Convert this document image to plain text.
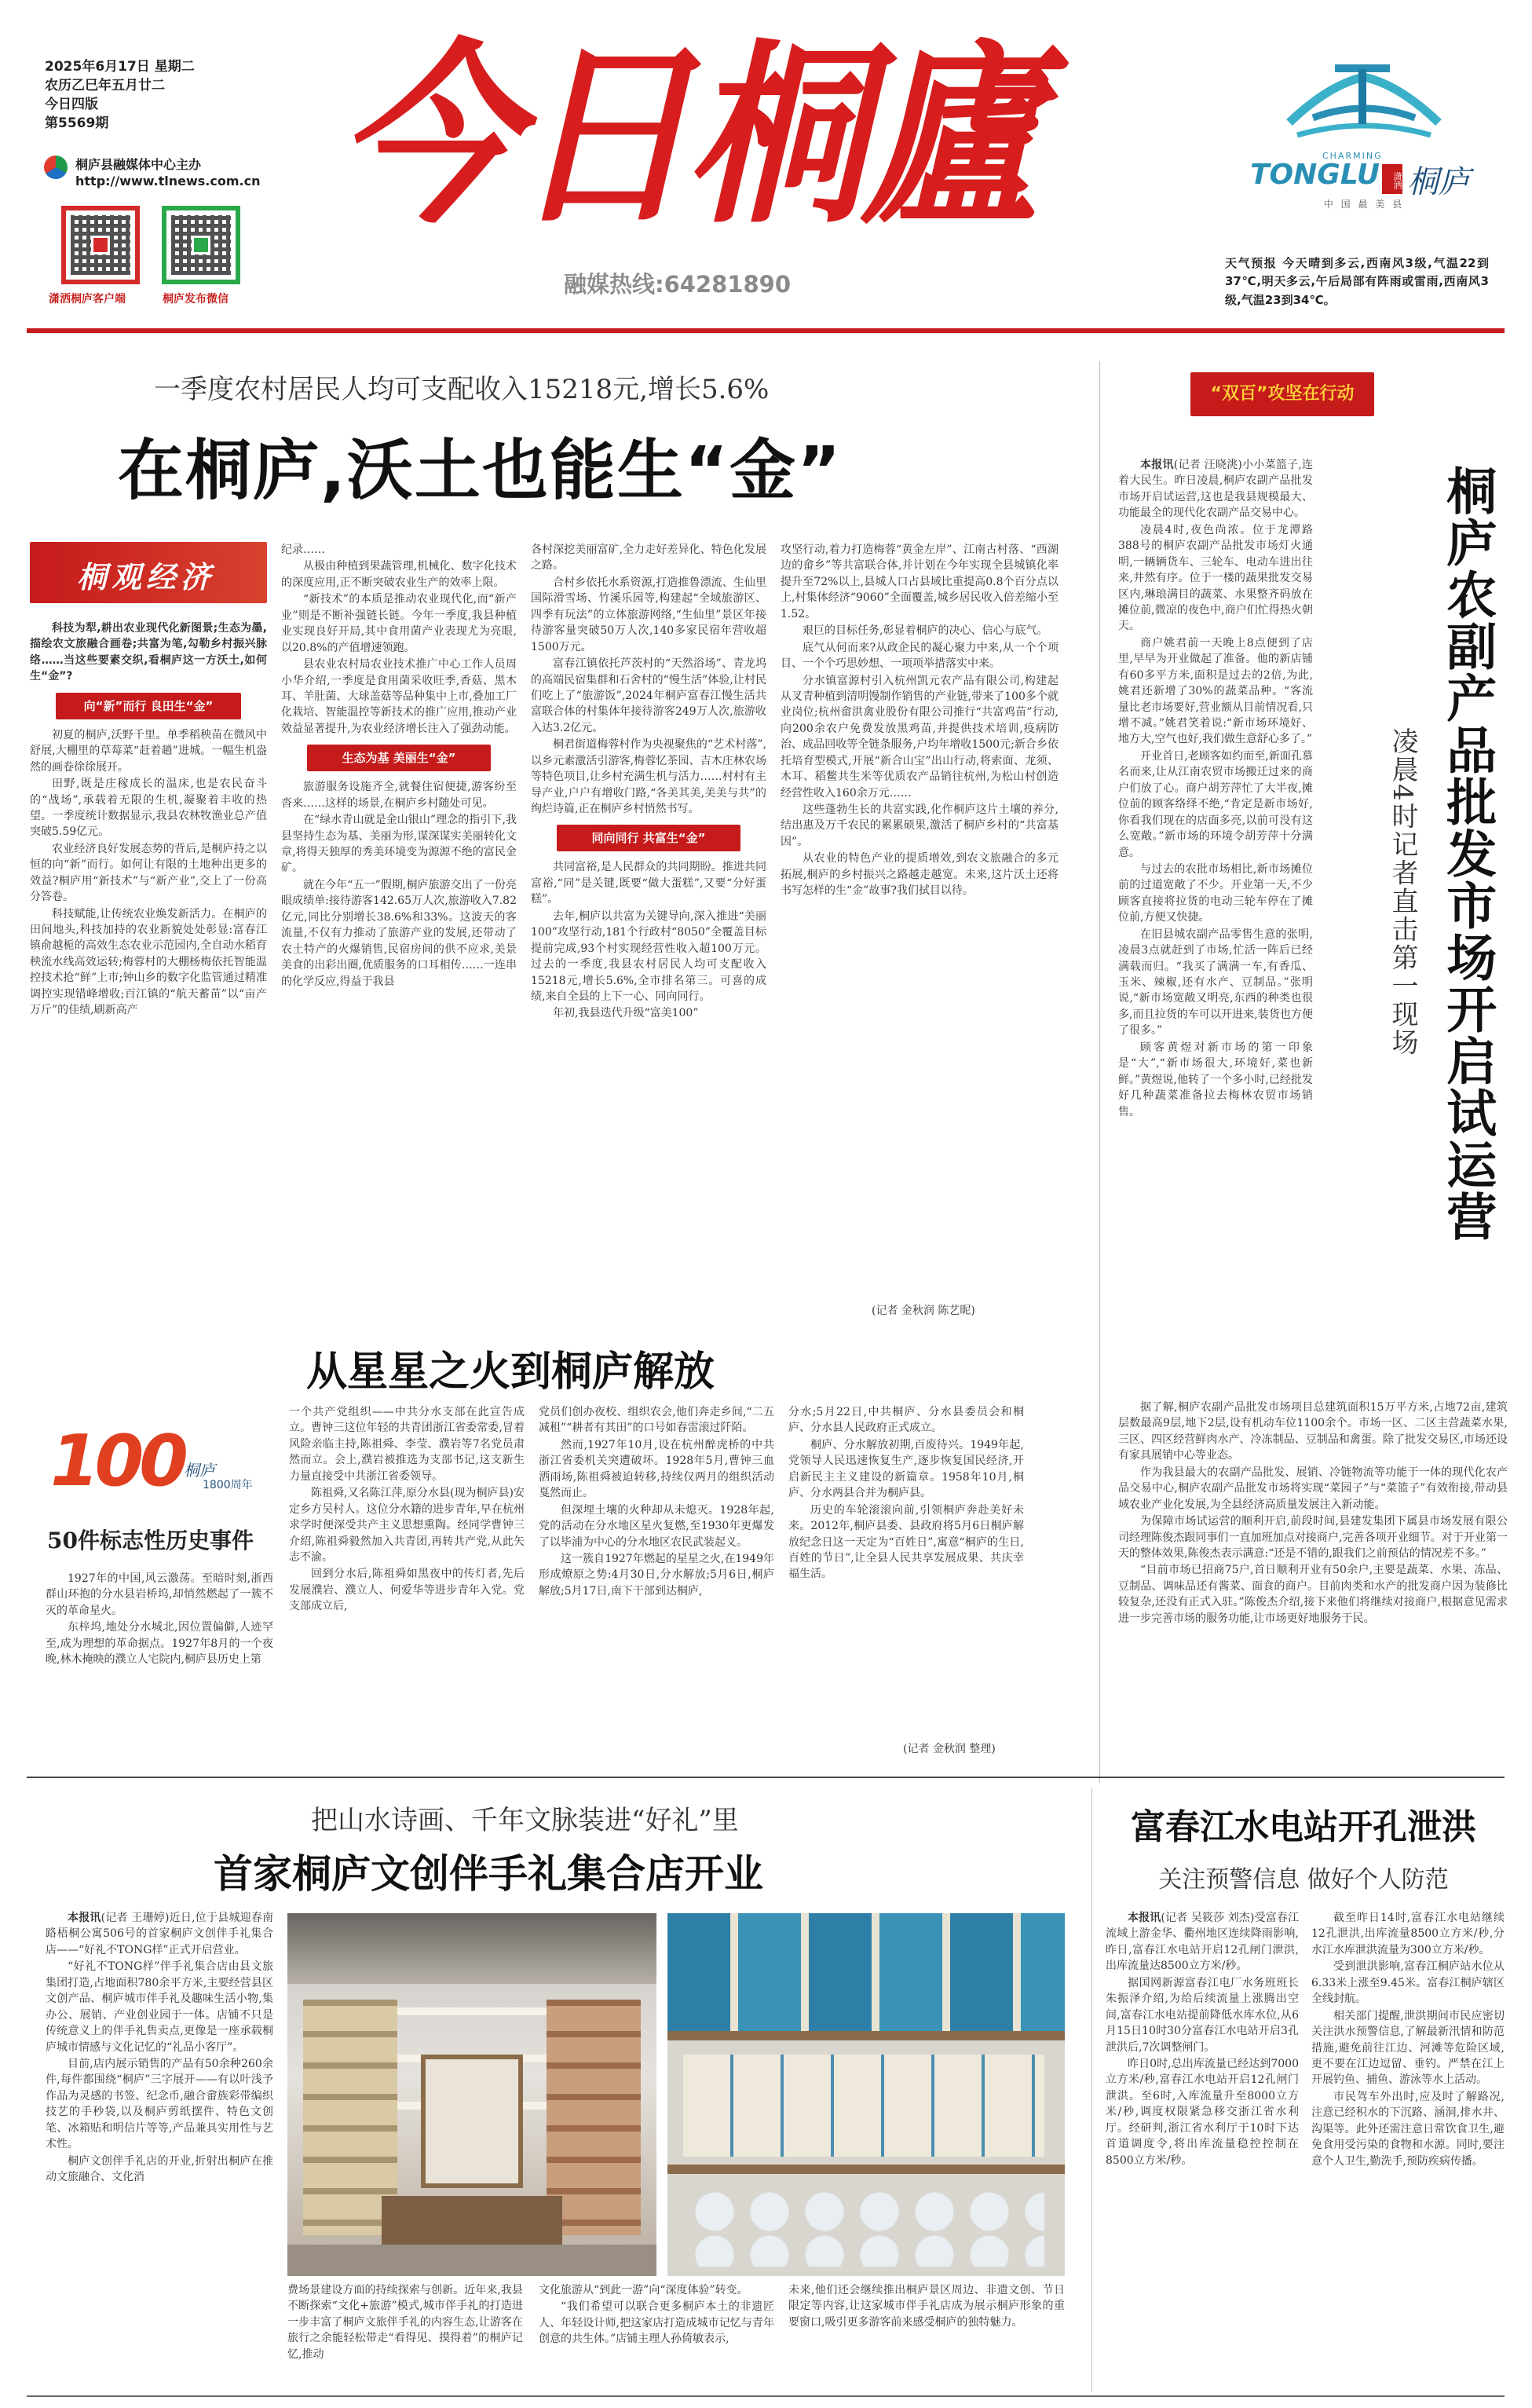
2025年6月17日 星期二
农历乙巳年五月廿二
今日四版
第5569期
桐庐县融媒体中心主办
http://www.tlnews.com.cn
潇洒桐庐客户端	桐庐发布微信
今日桐廬
融媒热线:64281890
CHARMING
TONGLU	潇洒 桐庐
中 国 最 美 县
天气预报 今天晴到多云,西南风3级,气温22到37℃,明天多云,午后局部有阵雨或雷雨,西南风3级,气温23到34℃。
一季度农村居民人均可支配收入15218元,增长5.6%
在桐庐,沃土也能生“金”
桐观经济

科技为犁,耕出农业现代化新图景;生态为墨,描绘农文旅融合画卷;共富为笔,勾勒乡村振兴脉络……当这些要素交织,看桐庐这一方沃土,如何生“金”?

向“新”而行 良田生“金”

初夏的桐庐,沃野千里。单季稻秧苗在微风中舒展,大棚里的草莓菜“赶着趟”进城。一幅生机盎然的画卷徐徐展开。

田野,既是庄稼成长的温床,也是农民奋斗的“战场”,承载着无限的生机,凝聚着丰收的热望。一季度统计数据显示,我县农林牧渔业总产值突破5.59亿元。

农业经济良好发展态势的背后,是桐庐持之以恒的向“新”而行。如何让有限的土地种出更多的效益?桐庐用“新技术”与“新产业”,交上了一份高分答卷。

科技赋能,让传统农业焕发新活力。在桐庐的田间地头,科技加持的农业新貌处处彰显:富春江镇俞越栀的高效生态农业示范园内,全自动水稻育秧流水线高效运转;梅蓉村的大棚杨梅依托智能温控技术抢“鲜”上市;钟山乡的数字化监管通过精准调控实现错峰增收;百江镇的“航天蓄苗”以“亩产万斤”的佳绩,刷新高产

纪录……

从极由种植到果蔬管理,机械化、数字化技术的深度应用,正不断突破农业生产的效率上限。

“新技术”的本质是推动农业现代化,而“新产业”则是不断补强链长链。今年一季度,我县种植业实现良好开局,其中食用菌产业表现尤为亮眼,以20.8%的产值增速领跑。

县农业农村局农业技术推广中心工作人员周小华介绍,一季度是食用菌采收旺季,香菇、黑木耳、羊肚菌、大球盖菇等品种集中上市,叠加工厂化栽培、智能温控等新技术的推广应用,推动产业效益显著提升,为农业经济增长注入了强劲动能。

生态为基 美丽生“金”

旅游服务设施齐全,就餐住宿便捷,游客纷至沓来……这样的场景,在桐庐乡村随处可见。

在“绿水青山就是金山银山”理念的指引下,我县坚持生态为基、美丽为形,谋深谋实美丽转化文章,将得天独厚的秀美环境变为源源不绝的富民金矿。

就在今年“五一”假期,桐庐旅游交出了一份亮眼成绩单:接待游客142.65万人次,旅游收入7.82亿元,同比分别增长38.6%和33%。这波天的客流量,不仅有力推动了旅游产业的发展,还带动了农土特产的火爆销售,民宿房间的供不应求,美景美食的出彩出圈,优质服务的口耳相传……一连串的化学反应,得益于我县

各村深挖美丽富矿,全力走好差异化、特色化发展之路。

合村乡依托水系资源,打造推鲁漂流、生仙里国际滑雪场、竹溪乐园等,构建起“全域旅游区、四季有玩法”的立体旅游网络,“生仙里”景区年接待游客量突破50万人次,140多家民宿年营收超1500万元。

富春江镇依托芦茨村的“天然浴场”、青龙坞的高端民宿集群和石舍村的“慢生活”体验,让村民们吃上了“旅游饭”,2024年桐庐富春江慢生活共富联合体的村集体年接待游客249万人次,旅游收入达3.2亿元。

桐君街道梅蓉村作为央视聚焦的“艺术村落”,以乡元素激活引游客,梅蓉忆茶园、吉木庄林农场等特色项目,让乡村充满生机与活力……村村有主导产业,户户有增收门路,“各美其美,美美与共”的绚烂诗篇,正在桐庐乡村悄然书写。

同向同行 共富生“金”

共同富裕,是人民群众的共同期盼。推进共同富裕,“同”是关键,既要“做大蛋糕”,又要“分好蛋糕”。

去年,桐庐以共富为关键导向,深入推进“美丽100”攻坚行动,181个行政村“8050”全覆盖目标提前完成,93个村实现经营性收入超100万元。过去的一季度,我县农村居民人均可支配收入15218元,增长5.6%,全市排名第三。可喜的成绩,来自全县的上下一心、同向同行。

年初,我县迭代升级“富美100”

攻坚行动,着力打造梅蓉“黄金左岸”、江南古村落、“西湖边的畲乡”等共富联合体,并计划在今年实现全县城镇化率提升至72%以上,县城人口占县域比重提高0.8个百分点以上,村集体经济“9060”全面覆盖,城乡居民收入倍差缩小至1.52。

艰巨的目标任务,彰显着桐庐的决心、信心与底气。

底气从何而来?从政企民的凝心聚力中来,从一个个项目、一个个巧思妙想、一项项举措落实中来。

分水镇富源村引入杭州凯元农产品有限公司,构建起从叉青种植到清明馒制作销售的产业链,带来了100多个就业岗位;杭州畲洪禽业股份有限公司推行“共富鸡苗”行动,向200余农户免费发放黑鸡苗,并提供技术培训,疫病防治、成品回收等全链条服务,户均年增收1500元;新合乡依托培育型模式,开展“新合山宝”出山行动,将索面、龙须、木耳、稻鳖共生米等优质农产品销往杭州,为松山村创造经营性收入160余万元……

这些蓬勃生长的共富实践,化作桐庐这片土壤的养分,结出惠及万千农民的累累硕果,激活了桐庐乡村的“共富基因”。

从农业的特色产业的提质增效,到农文旅融合的多元拓展,桐庐的乡村振兴之路越走越宽。未来,这片沃土还将书写怎样的生“金”故事?我们拭目以待。

(记者 金秋润 陈艺昵)
“双百”攻坚在行动
桐庐农副产品批发市场开启试运营
凌晨4时记者直击第一现场

本报讯(记者 汪晓洮)小小菜篮子,连着大民生。昨日凌晨,桐庐农副产品批发市场开启试运营,这也是我县规模最大、功能最全的现代化农副产品交易中心。

凌晨4时,夜色尚浓。位于龙潭路388号的桐庐农副产品批发市场灯火通明,一辆辆货车、三轮车、电动车进出往来,井然有序。位于一楼的蔬果批发交易区内,琳琅满目的蔬菜、水果整齐码放在摊位前,微凉的夜色中,商户们忙得热火朝天。

商户姚君前一天晚上8点便到了店里,早早为开业做起了准备。他的新店铺有60多平方米,面积是过去的2倍,为此,姚君还新增了30%的蔬菜品种。“客流量比老市场要好,营业额从目前情况看,只增不减。”姚君笑着说:“新市场环境好、地方大,空气也好,我们做生意舒心多了。”

开业首日,老顾客如约而至,新面孔慕名而来,让从江南农贸市场搬迁过来的商户们放了心。商户胡芳萍忙了大半夜,摊位前的顾客络绎不绝,“肯定是新市场好,你看我们现在的店面多亮,以前可没有这么宽敞。”新市场的环境令胡芳萍十分满意。

与过去的农批市场相比,新市场摊位前的过道宽敞了不少。开业第一天,不少顾客直接将拉货的电动三轮车停在了摊位前,方便又快捷。

在旧县城农副产品零售生意的张明,凌晨3点就赶到了市场,忙活一阵后已经满载而归。“我买了满满一车,有香瓜、玉米、辣椒,还有水产、豆制品。”张明说,“新市场宽敞又明亮,东西的种类也很多,而且拉货的车可以开进来,装货也方便了很多。”

顾客黄煜对新市场的第一印象是“大”,“新市场很大,环境好,菜也新鲜。”黄煜说,他转了一个多小时,已经批发好几种蔬菜准备拉去梅林农贸市场销售。

据了解,桐庐农副产品批发市场项目总建筑面积15万平方米,占地72亩,建筑层数最高9层,地下2层,设有机动车位1100余个。市场一区、二区主营蔬菜水果,三区、四区经营鲜肉水产、冷冻制品、豆制品和禽蛋。除了批发交易区,市场还设有家具展销中心等业态。

作为我县最大的农副产品批发、展销、冷链物流等功能于一体的现代化农产品交易中心,桐庐农副产品批发市场将实现“菜园子”与“菜篮子”有效衔接,带动县域农业产业化发展,为全县经济高质量发展注入新动能。

为保障市场试运营的顺利开启,前段时间,县建发集团下属县市场发展有限公司经理陈俊杰跟同事们一直加班加点对接商户,完善各项开业细节。对于开业第一天的整体效果,陈俊杰表示满意:“还是不错的,跟我们之前预估的情况差不多。”

“目前市场已招商75户,首日顺利开业有50余户,主要是蔬菜、水果、冻品、豆制品、调味品还有酱菜、面食的商户。目前肉类和水产的批发商户因为装修比较复杂,还没有正式入驻。”陈俊杰介绍,接下来他们将继续对接商户,根据意见需求进一步完善市场的服务功能,让市场更好地服务于民。

从星星之火到桐庐解放
100 桐庐
1800周年
50件标志性历史事件

1927年的中国,风云激荡。至暗时刻,浙西群山环抱的分水县岩桥坞,却悄然燃起了一簇不灭的革命星火。

东梓坞,地处分水城北,因位置偏僻,人迹罕至,成为理想的革命据点。1927年8月的一个夜晚,林木掩映的濮立人宅院内,桐庐县历史上第

一个共产党组织——中共分水支部在此宣告成立。曹钟三这位年轻的共青团浙江省委常委,冒着风险亲临主持,陈祖舜、李莹、濮岩等7名党员肃然而立。会上,濮岩被推选为支部书记,这支新生力量直接受中共浙江省委领导。

陈祖舜,又名陈江萍,原分水县(现为桐庐县)安定乡方吴村人。这位分水籍的进步青年,早在杭州求学时便深受共产主义思想熏陶。经同学曹钟三介绍,陈祖舜毅然加入共青团,再转共产党,从此矢志不渝。

回到分水后,陈祖舜如黑夜中的传灯者,先后发展濮岩、濮立人、何爱华等进步青年入党。党支部成立后,

党员们创办夜校、组织农会,他们奔走乡间,“二五减租”“耕者有其田”的口号如春雷滚过阡陌。

然而,1927年10月,设在杭州醉虎桥的中共浙江省委机关突遭破坏。1928年5月,曹钟三血洒雨场,陈祖舜被迫转移,持续仅两月的组织活动戛然而止。

但深埋土壤的火种却从未熄灭。1928年起,党的活动在分水地区星火复燃,至1930年更爆发了以毕浦为中心的分水地区农民武装起义。

这一簇自1927年燃起的星星之火,在1949年形成燎原之势:4月30日,分水解放;5月6日,桐庐解放;5月17日,南下干部到达桐庐,

分水;5月22日,中共桐庐、分水县委员会和桐庐、分水县人民政府正式成立。

桐庐、分水解放初期,百废待兴。1949年起,党领导人民迅速恢复生产,逐步恢复国民经济,开启新民主主义建设的新篇章。1958年10月,桐庐、分水两县合并为桐庐县。

历史的车轮滚滚向前,引领桐庐奔赴美好未来。2012年,桐庐县委、县政府将5月6日桐庐解放纪念日这一天定为“百姓日”,寓意“桐庐的生日,百姓的节日”,让全县人民共享发展成果、共庆幸福生活。

(记者 金秋润 整理)
把山水诗画、千年文脉装进“好礼”里
首家桐庐文创伴手礼集合店开业

本报讯(记者 王珊婷)近日,位于县城迎春南路梧桐公寓506号的首家桐庐文创伴手礼集合店——“好礼不TONG样”正式开启营业。

“好礼不TONG样”伴手礼集合店由县文旅集团打造,占地面积780余平方米,主要经营县区文创产品、桐庐城市伴手礼及趣味生活小物,集办公、展销、产业创业园于一体。店铺不只是传统意义上的伴手礼售卖点,更像是一座承载桐庐城市情感与文化记忆的“礼品小客厅”。

目前,店内展示销售的产品有50余种260余件,每件都围绕“桐庐”三字展开——有以叶浅予作品为灵感的书签、纪念币,融合畲族彩带编织技艺的手秒袋,以及桐庐剪纸摆件、特色文创笔、冰箱贴和明信片等等,产品兼具实用性与艺术性。

桐庐文创伴手礼店的开业,折射出桐庐在推动文旅融合、文化消

费场景建设方面的持续探索与创新。近年来,我县不断探索“文化+旅游”模式,城市伴手礼的打造进一步丰富了桐庐文旅伴手礼的内容生态,让游客在旅行之余能轻松带走“看得见、摸得着”的桐庐记忆,推动

文化旅游从“到此一游”向“深度体验”转变。

“我们希望可以联合更多桐庐本土的非遗匠人、年轻设计师,把这家店打造成城市记忆与青年创意的共生体。”店铺主理人孙倚敏表示,

未来,他们还会继续推出桐庐景区周边、非遗文创、节日限定等内容,让这家城市伴手礼店成为展示桐庐形象的重要窗口,吸引更多游客前来感受桐庐的独特魅力。

富春江水电站开孔泄洪
关注预警信息 做好个人防范

本报讯(记者 吴筱莎 刘杰)受富春江流域上游金华、衢州地区连续降雨影响,昨日,富春江水电站开启12孔闸门泄洪,出库流量达8500立方米/秒。

据国网新源富春江电厂水务班班长朱振泽介绍,为给后续流量上涨腾出空间,富春江水电站提前降低水库水位,从6月15日10时30分富春江水电站开启3孔泄洪后,7次调整闸门。

昨日0时,总出库流量已经达到7000立方米/秒,富春江水电站开启12孔闸门泄洪。至6时,入库流量升至8000立方米/秒,调度权限紧急移交浙江省水利厅。经研判,浙江省水利厅于10时下达首道调度令,将出库流量稳控控制在8500立方米/秒。

截至昨日14时,富春江水电站继续12孔泄洪,出库流量8500立方米/秒,分水江水库泄洪流量为300立方米/秒。

受到泄洪影响,富春江桐庐站水位从6.33米上涨至9.45米。富春江桐庐辖区全线封航。

相关部门提醒,泄洪期间市民应密切关注洪水预警信息,了解最新汛情和防范措施,避免前往江边、河滩等危险区域,更不要在江边逗留、垂钓。严禁在江上开展钓鱼、捕鱼、游泳等水上活动。

市民驾车外出时,应及时了解路况,注意已经积水的下沉路、涵洞,排水井、沟渠等。此外还需注意日常饮食卫生,避免食用受污染的食物和水源。同时,要注意个人卫生,勤洗手,预防疾病传播。
